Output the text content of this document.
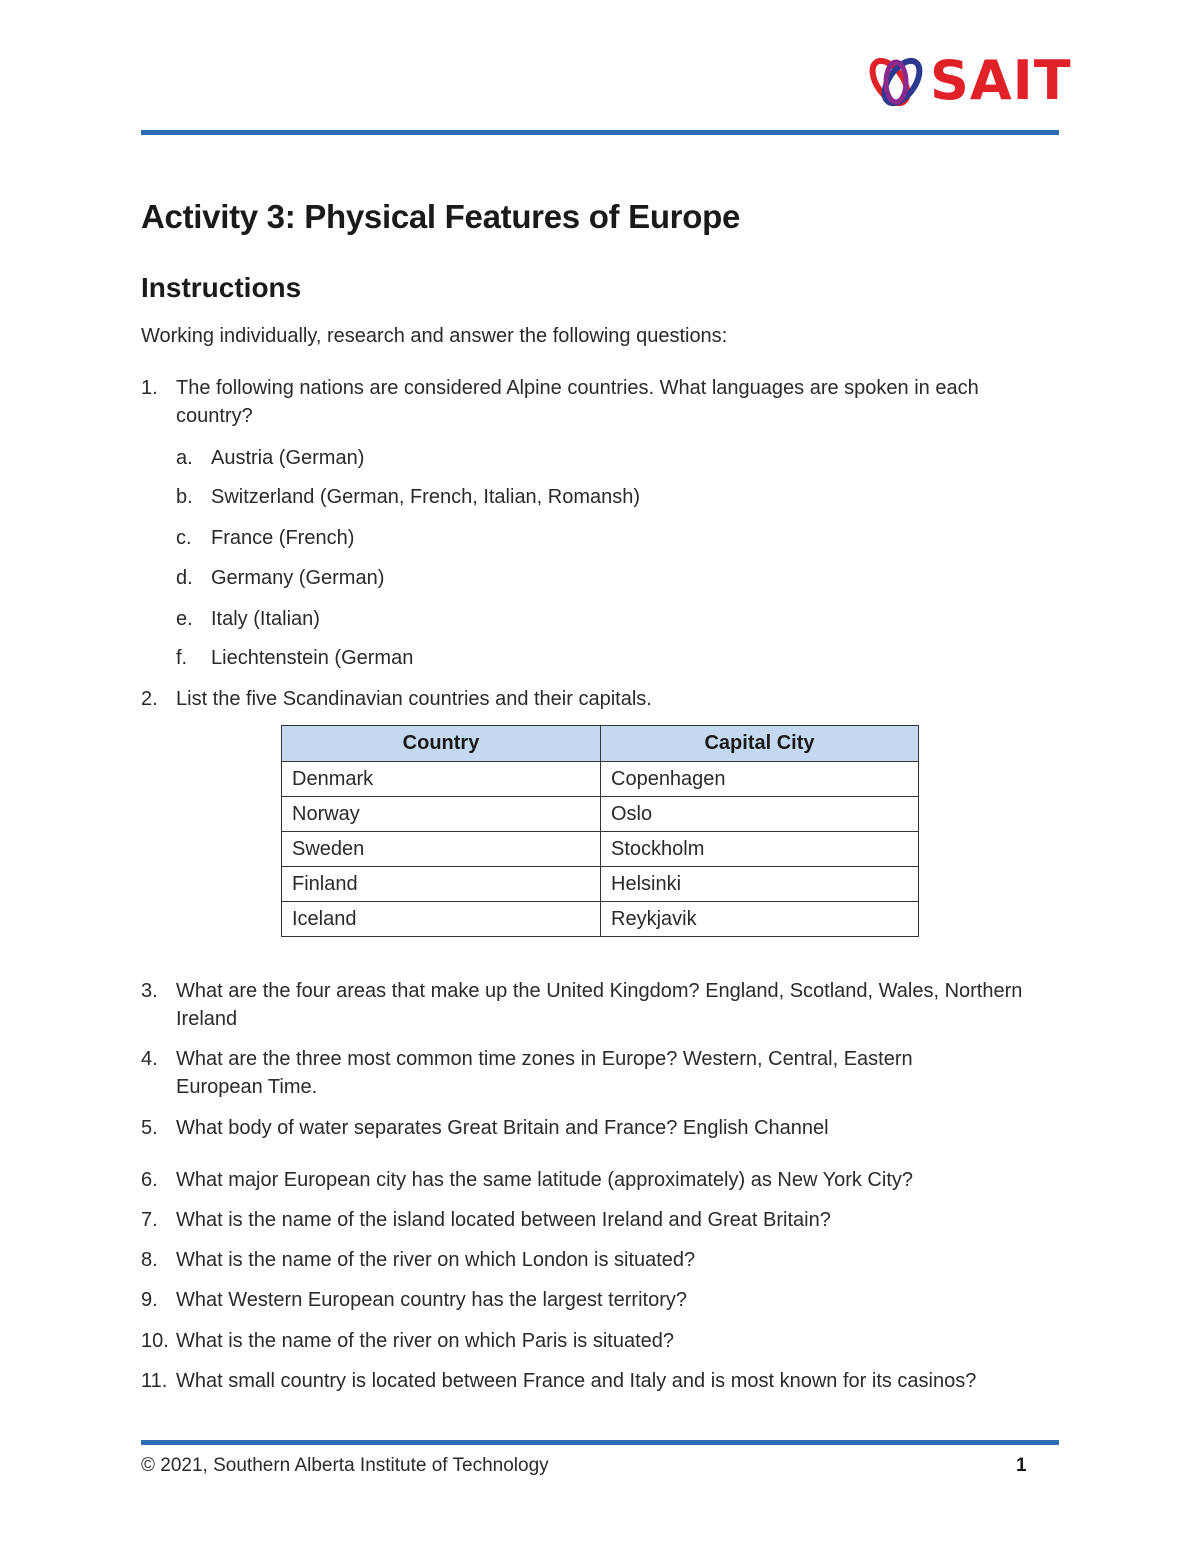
SAIT
Activity 3: Physical Features of Europe
Instructions

Working individually, research and answer the following questions:

1. The following nations are considered Alpine countries. What languages are spoken in each country?
a. Austria (German)
b. Switzerland (German, French, Italian, Romansh)
c. France (French)
d. Germany (German)
e. Italy (Italian)
f.	Liechtenstein (German
2. List the five Scandinavian countries and their capitals.
Country	Capital City
Denmark	Copenhagen
Norway	Oslo
Sweden	Stockholm
Finland	Helsinki
Iceland	Reykjavik
3. What are the four areas that make up the United Kingdom? England, Scotland, Wales, Northern Ireland
4. What are the three most common time zones in Europe? Western, Central, Eastern European Time.
5. What body of water separates Great Britain and France? English Channel
6. What major European city has the same latitude (approximately) as New York City?
7. What is the name of the island located between Ireland and Great Britain?
8. What is the name of the river on which London is situated?
9. What Western European country has the largest territory?
10. What is the name of the river on which Paris is situated?
11. What small country is located between France and Italy and is most known for its casinos?
© 2021, Southern Alberta Institute of Technology	1
